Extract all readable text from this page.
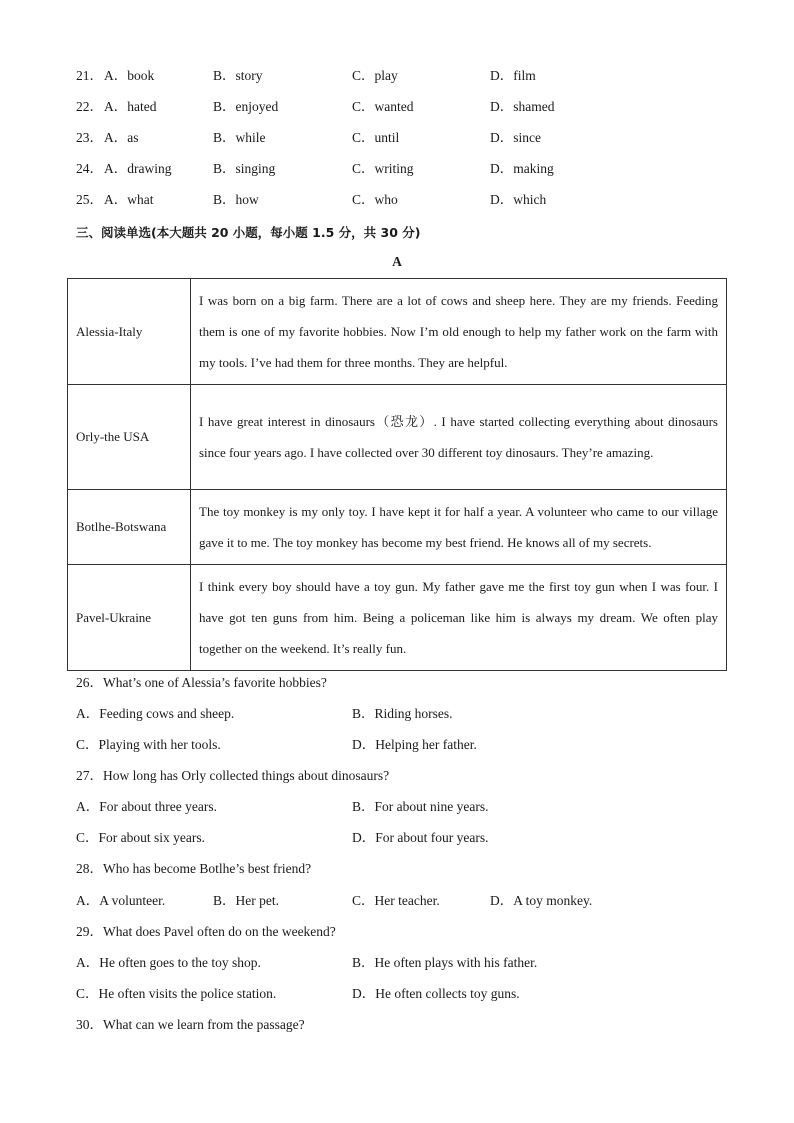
21． A．book	B．story	C．play	D．film
22． A．hated	B．enjoyed	C．wanted	D．shamed
23． A．as	B．while	C．until	D．since
24． A．drawing	B．singing	C．writing	D．making
25． A．what	B．how	C．who	D．which
三、阅读单选(本大题共 20 小题，每小题 1.5 分，共 30 分)
A
Alessia-Italy	I was born on a big farm. There are a lot of cows and sheep here. They are my friends. Feeding them is one of my favorite hobbies. Now I’m old enough to help my father work on the farm with my tools. I’ve had them for three months. They are helpful.
Orly-the USA	I have great interest in dinosaurs（恐龙）. I have started collecting everything about dinosaurs since four years ago. I have collected over 30 different toy dinosaurs. They’re amazing.
Botlhe-Botswana	The toy monkey is my only toy. I have kept it for half a year. A volunteer who came to our village gave it to me. The toy monkey has become my best friend. He knows all of my secrets.
Pavel-Ukraine	I think every boy should have a toy gun. My father gave me the first toy gun when I was four. I have got ten guns from him. Being a policeman like him is always my dream. We often play together on the weekend. It’s really fun.
26．What’s one of Alessia’s favorite hobbies?
A．Feeding cows and sheep.	B．Riding horses.
C．Playing with her tools.	D．Helping her father.
27．How long has Orly collected things about dinosaurs?
A．For about three years.	B．For about nine years.
C．For about six years.	D．For about four years.
28．Who has become Botlhe’s best friend?
A．A volunteer.	B．Her pet.	C．Her teacher.	D．A toy monkey.
29．What does Pavel often do on the weekend?
A．He often goes to the toy shop.	B．He often plays with his father.
C．He often visits the police station.	D．He often collects toy guns.
30．What can we learn from the passage?
